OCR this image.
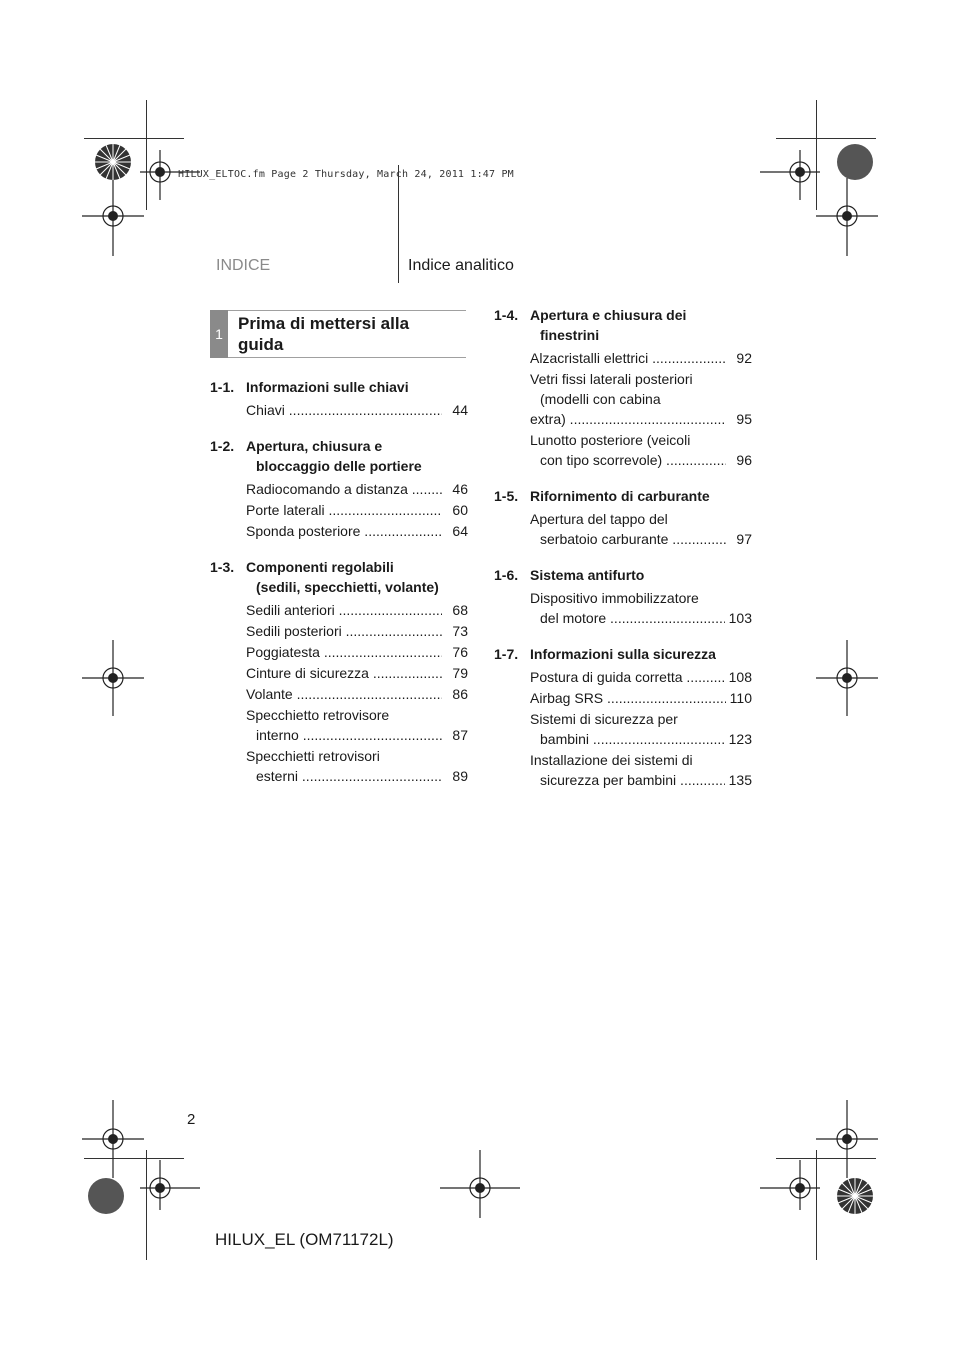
HILUX_ELTOC.fm Page 2 Thursday, March 24, 2011 1:47 PM
INDICE	Indice analitico
1
Prima di mettersi alla guida
1-1. Informazioni sulle chiavi
Chiavi .....	44
1-2. Apertura, chiusura e
bloccaggio delle portiere
Radiocomando a distanza .....	46
Porte laterali .....	60
Sponda posteriore .....	64
1-3. Componenti regolabili
(sedili, specchietti, volante)
Sedili anteriori .....	68
Sedili posteriori .....	73
Poggiatesta .....	76
Cinture di sicurezza .....	79
Volante .....	86
Specchietto retrovisore
interno .....	87
Specchietti retrovisori
esterni .....	89
1-4. Apertura e chiusura dei
finestrini
Alzacristalli elettrici .....	92
Vetri fissi laterali posteriori
(modelli con cabina
extra) .....	95
Lunotto posteriore (veicoli
con tipo scorrevole) .....	96
1-5. Rifornimento di carburante
Apertura del tappo del
serbatoio carburante .....	97
1-6. Sistema antifurto
Dispositivo immobilizzatore
del motore .....	103
1-7. Informazioni sulla sicurezza
Postura di guida corretta .....	108
Airbag SRS .....	110
Sistemi di sicurezza per
bambini .....	123
Installazione dei sistemi di
sicurezza per bambini .....	135
2
HILUX_EL (OM71172L)
